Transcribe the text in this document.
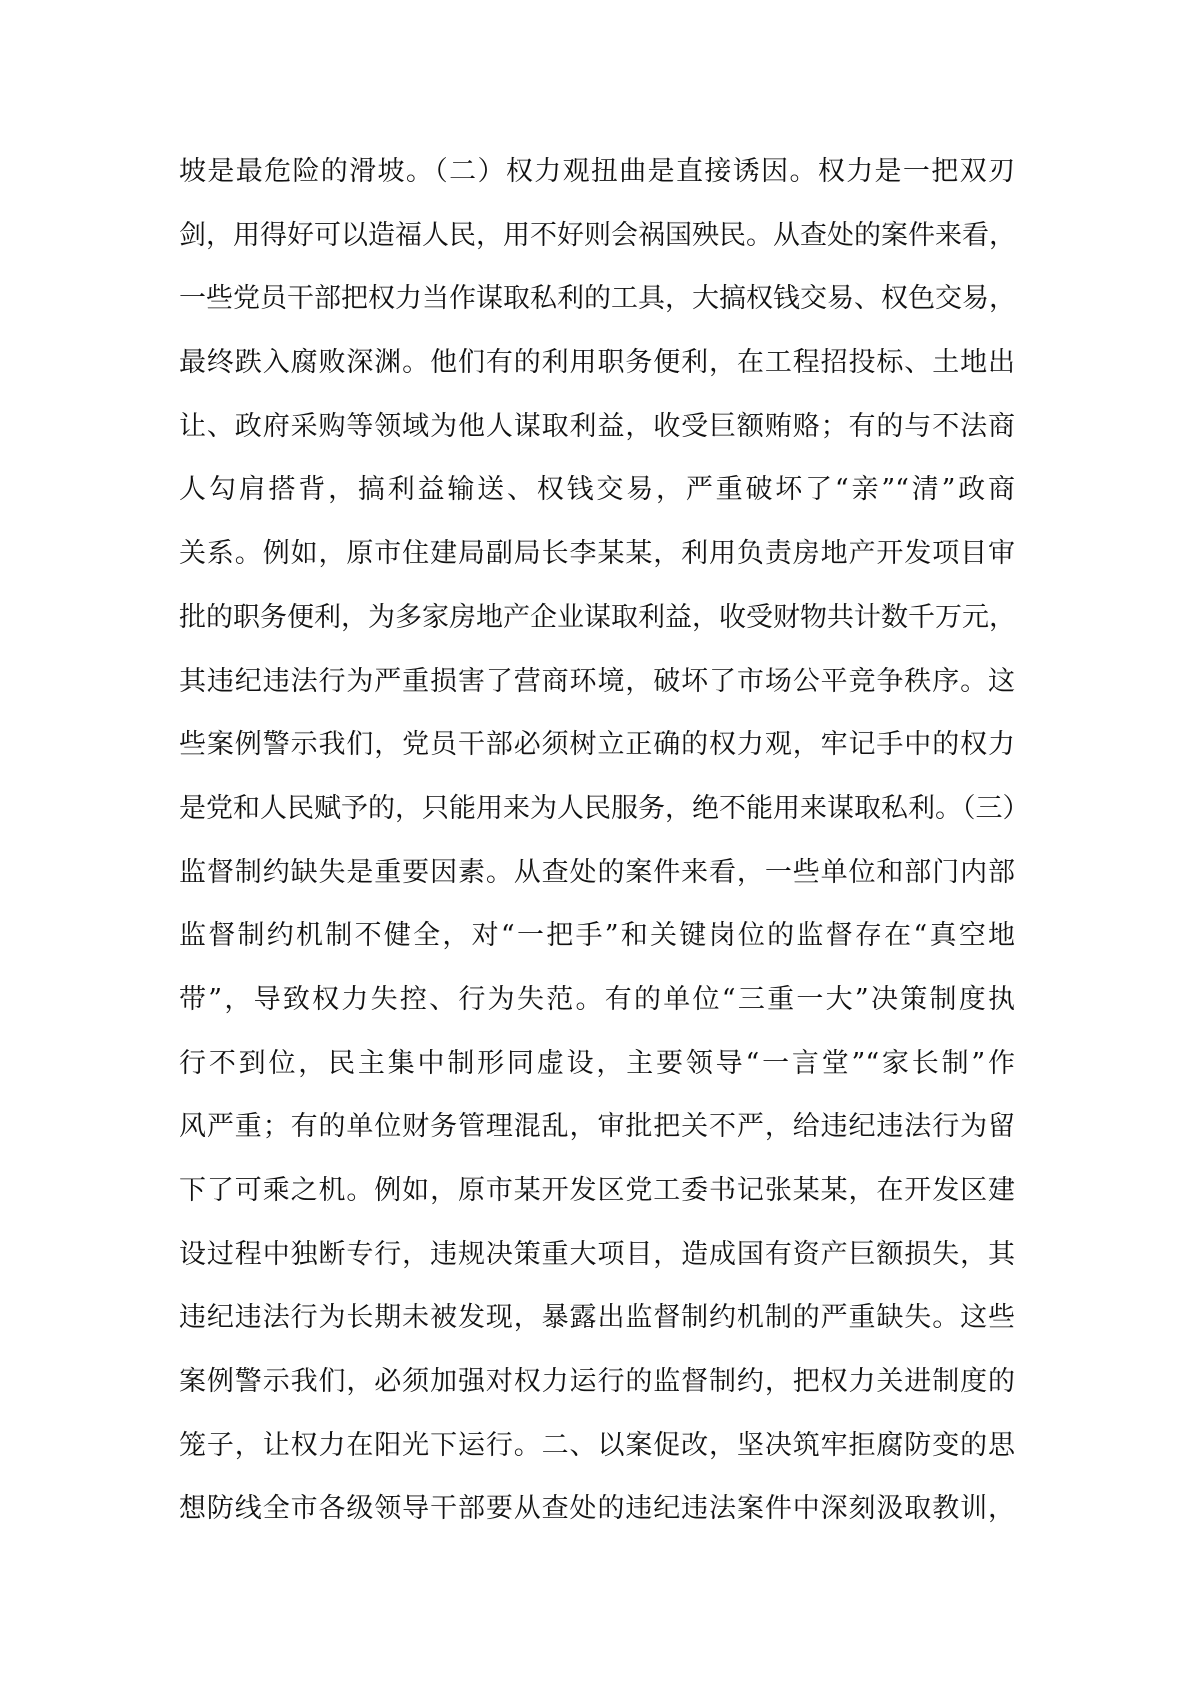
坡是最危险的滑坡。（二）权力观扭曲是直接诱因。权力是一把双刃
剑，用得好可以造福人民，用不好则会祸国殃民。从查处的案件来看，
一些党员干部把权力当作谋取私利的工具，大搞权钱交易、权色交易，
最终跌入腐败深渊。他们有的利用职务便利，在工程招投标、土地出
让、政府采购等领域为他人谋取利益，收受巨额贿赂；有的与不法商
人勾肩搭背，搞利益输送、权钱交易，严重破坏了“亲”“清”政商
关系。例如，原市住建局副局长李某某，利用负责房地产开发项目审
批的职务便利，为多家房地产企业谋取利益，收受财物共计数千万元，
其违纪违法行为严重损害了营商环境，破坏了市场公平竞争秩序。这
些案例警示我们，党员干部必须树立正确的权力观，牢记手中的权力
是党和人民赋予的，只能用来为人民服务，绝不能用来谋取私利。（三）
监督制约缺失是重要因素。从查处的案件来看，一些单位和部门内部
监督制约机制不健全，对“一把手”和关键岗位的监督存在“真空地
带”，导致权力失控、行为失范。有的单位“三重一大”决策制度执
行不到位，民主集中制形同虚设，主要领导“一言堂”“家长制”作
风严重；有的单位财务管理混乱，审批把关不严，给违纪违法行为留
下了可乘之机。例如，原市某开发区党工委书记张某某，在开发区建
设过程中独断专行，违规决策重大项目，造成国有资产巨额损失，其
违纪违法行为长期未被发现，暴露出监督制约机制的严重缺失。这些
案例警示我们，必须加强对权力运行的监督制约，把权力关进制度的
笼子，让权力在阳光下运行。二、以案促改，坚决筑牢拒腐防变的思
想防线全市各级领导干部要从查处的违纪违法案件中深刻汲取教训，
